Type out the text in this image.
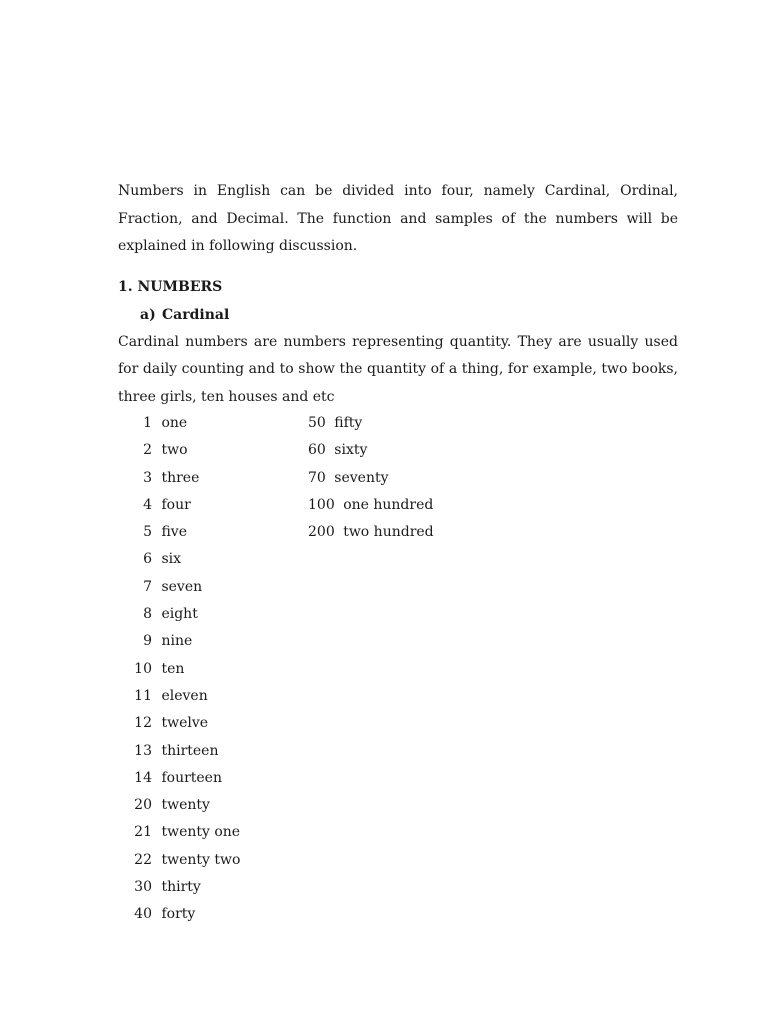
Numbers in English can be divided into four, namely Cardinal, Ordinal, Fraction, and Decimal. The function and samples of the numbers will be explained in following discussion.

1. NUMBERS
a) Cardinal

Cardinal numbers are numbers representing quantity. They are usually used for daily counting and to show the quantity of a thing, for example, two books, three girls, ten houses and etc

1 one
2 two
3 three
4 four
5 five
6 six
7 seven
8 eight
9 nine
10 ten
11 eleven
12 twelve
13 thirteen
14 fourteen
20 twenty
21 twenty one
22 twenty two
30 thirty
40 forty
50 fifty
60 sixty
70 seventy
100 one hundred
200 two hundred
